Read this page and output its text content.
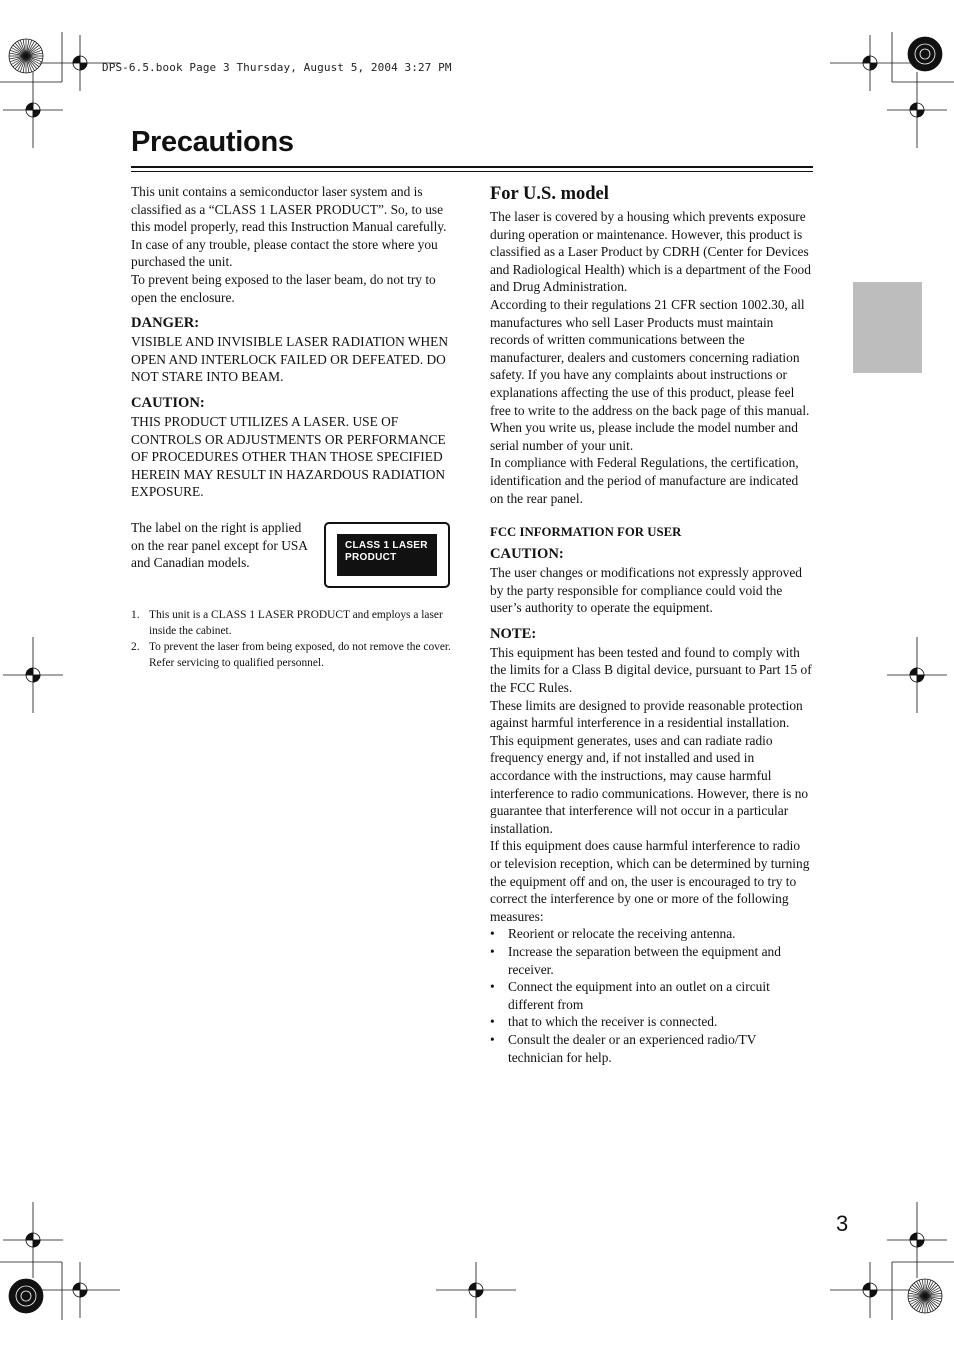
DPS-6.5.book Page 3 Thursday, August 5, 2004 3:27 PM
Precautions

This unit contains a semiconductor laser system and is classified as a “CLASS 1 LASER PRODUCT”. So, to use this model properly, read this Instruction Manual carefully. In case of any trouble, please contact the store where you purchased the unit.

To prevent being exposed to the laser beam, do not try to open the enclosure.

DANGER:

VISIBLE AND INVISIBLE LASER RADIATION WHEN OPEN AND INTERLOCK FAILED OR DEFEATED. DO NOT STARE INTO BEAM.

CAUTION:

THIS PRODUCT UTILIZES A LASER. USE OF CONTROLS OR ADJUSTMENTS OR PERFORMANCE OF PROCEDURES OTHER THAN THOSE SPECIFIED HEREIN MAY RESULT IN HAZARDOUS RADIATION EXPOSURE.

The label on the right is applied on the rear panel except for USA and Canadian models.

CLASS 1 LASER
PRODUCT
1. This unit is a CLASS 1 LASER PRODUCT and employs a laser inside the cabinet.
2. To prevent the laser from being exposed, do not remove the cover. Refer servicing to qualified personnel.

For U.S. model

The laser is covered by a housing which prevents exposure during operation or maintenance. However, this product is classified as a Laser Product by CDRH (Center for Devices and Radiological Health) which is a department of the Food and Drug Administration.

According to their regulations 21 CFR section 1002.30, all manufactures who sell Laser Products must maintain records of written communications between the manufacturer, dealers and customers concerning radiation safety. If you have any complaints about instructions or explanations affecting the use of this product, please feel free to write to the address on the back page of this manual. When you write us, please include the model number and serial number of your unit.

In compliance with Federal Regulations, the certification, identification and the period of manufacture are indicated on the rear panel.

FCC INFORMATION FOR USER

CAUTION:

The user changes or modifications not expressly approved by the party responsible for compliance could void the user’s authority to operate the equipment.

NOTE:

This equipment has been tested and found to comply with the limits for a Class B digital device, pursuant to Part 15 of the FCC Rules.

These limits are designed to provide reasonable protection against harmful interference in a residential installation. This equipment generates, uses and can radiate radio frequency energy and, if not installed and used in accordance with the instructions, may cause harmful interference to radio communications. However, there is no guarantee that interference will not occur in a particular installation.

If this equipment does cause harmful interference to radio or television reception, which can be determined by turning the equipment off and on, the user is encouraged to try to correct the interference by one or more of the following measures:

• Reorient or relocate the receiving antenna.
• Increase the separation between the equipment and receiver.
• Connect the equipment into an outlet on a circuit different from
• that to which the receiver is connected.
• Consult the dealer or an experienced radio/TV technician for help.
3
